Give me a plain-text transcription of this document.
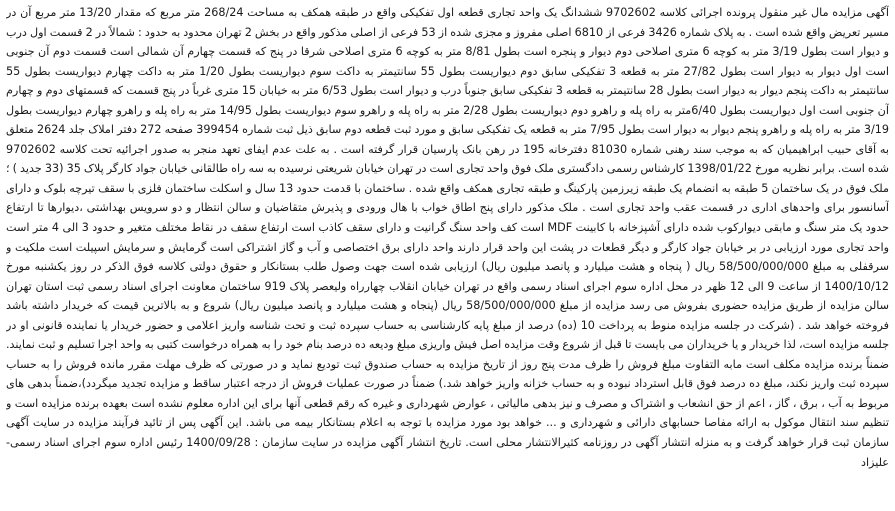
آگهی مزایده مال غیر منقول پرونده اجرائی کلاسه 9702602 ششدانگ یک واحد تجاری قطعه اول تفکیکی واقع در طبقه همکف به مساحت 268/24 متر مربع که مقدار 13/20 متر مربع آن در مسیر تعریض واقع شده است . به پلاک شماره 3426 فرعی از 6810 اصلی مفروز و مجزی شده از 53 فرعی از اصلی مذکور واقع در بخش 2 تهران محدود به حدود : شمالاً در 2 قسمت اول درب و دیوار است بطول 3/19 متر به کوچه 6 متری اصلاحی دوم دیوار و پنجره است بطول 8/81 متر به کوچه 6 متری اصلاحی شرقا در پنج که قسمت چهارم آن شمالی است قسمت دوم آن جنوبی است اول دیوار به دیوار است بطول 27/82 متر به قطعه 3 تفکیکی سابق دوم دیواریست بطول 55 سانتیمتر به داکت سوم دیواریست بطول 1/20 متر به داکت چهارم دیواریست بطول 55 سانتیمتر به داکت پنجم دیوار به دیوار است بطول 28 سانتیمتر به قطعه 3 تفکیکی سابق جنوباً درب و دیوار است بطول 6/53 متر به خیابان 15 متری غرباً در پنج قسمت که قسمتهای دوم و چهارم آن جنوبی است اول دیواریست بطول 6/40متر به راه پله و راهرو دوم دیواریست بطول 2/28 متر به راه پله و راهرو سوم دیواریست بطول 14/95 متر به راه پله و راهرو چهارم دیواریست بطول 3/19 متر به راه پله و راهرو پنجم دیوار به دیوار است بطول 7/95 متر به قطعه یک تفکیکی سابق و مورد ثبت قطعه دوم سابق ذیل ثبت شماره 399454 صفحه 272 دفتر املاک جلد 2624 متعلق به آقای حبیب ابراهیمیان که به موجب سند رهنی شماره 81030 دفترخانه 195 در رهن بانک پارسیان قرار گرفته است . به علت عدم ایفای تعهد منجر به صدور اجرائیه تحت کلاسه 9702602 شده است. برابر نظریه مورخ 1398/01/22 کارشناس رسمی دادگستری ملک فوق واحد تجاری است در تهران خیابان شریعتی نرسیده به سه راه طالقانی خیابان جواد کارگر پلاک 35 (33 جدید ) ؛ ملک فوق در یک ساختمان 5 طبقه به انضمام یک طبقه زیرزمین پارکینگ و طبقه تجاری همکف واقع شده . ساختمان با قدمت حدود 13 سال و اسکلت ساختمان فلزی با سقف تیرچه بلوک و دارای آسانسور برای واحدهای اداری در قسمت عقب واحد تجاری است . ملک مذکور دارای پنج اطاق خواب با هال ورودی و پذیرش متقاضیان و سالن انتظار و دو سرویس بهداشتی ،دیوارها تا ارتفاع حدود یک متر سنگ و مابقی دیوارکوب شده دارای آشپزخانه با کابینت MDF است کف واحد سنگ گرانیت و دارای سقف کاذب است ارتفاع سقف در نقاط مختلف متغیر و حدود 3 الی 4 متر است واحد تجاری مورد ارزیابی در بر خیابان جواد کارگر و دیگر قطعات در پشت این واحد قرار دارند واحد دارای برق اختصاصی و آب و گاز اشتراکی است گرمایش و سرمایش اسپیلت است ملکیت و سرقفلی به مبلغ 58/500/000/000 ریال ( پنجاه و هشت میلیارد و پانصد میلیون ریال) ارزیابی شده است جهت وصول طلب بستانکار و حقوق دولتی کلاسه فوق الذکر در روز یکشنبه مورخ 1400/10/12 از ساعت 9 الی 12 ظهر در محل اداره سوم اجرای اسناد رسمی واقع در تهران خیابان انقلاب چهارراه ولیعصر پلاک 919 ساختمان معاونت اجرای اسناد رسمی ثبت استان تهران سالن مزایده از طریق مزایده حضوری بفروش می رسد مزایده از مبلغ 58/500/000/000 ریال (پنجاه و هشت میلیارد و پانصد میلیون ریال) شروع و به بالاترین قیمت که خریدار داشته باشد فروخته خواهد شد . (شرکت در جلسه مزایده منوط به پرداخت 10 (ده) درصد از مبلغ پایه کارشناسی به حساب سپرده ثبت و تحت شناسه واریز اعلامی و حضور خریدار یا نماینده قانونی او در جلسه مزایده است، لذا خریدار و یا خریداران می بایست تا قبل از شروع وقت مزایده اصل فیش واریزی مبلغ ودیعه ده درصد بنام خود را به همراه درخواست کتبی به واحد اجرا تسلیم و ثبت نمایند. ضمناً برنده مزایده مکلف است مابه التفاوت مبلغ فروش را ظرف مدت پنج روز از تاریخ مزایده به حساب صندوق ثبت تودیع نماید و در صورتی که ظرف مهلت مقرر مانده فروش را به حساب سپرده ثبت واریز نکند، مبلغ ده درصد فوق قابل استرداد نبوده و به حساب خزانه واریز خواهد شد.) ضمناً در صورت عملیات فروش از درجه اعتبار ساقط و مزایده تجدید میگردد)،ضمناً بدهی های مربوط به آب ، برق ، گاز ، اعم از حق انشعاب و اشتراک و مصرف و نیز بدهی مالیاتی ، عوارض شهرداری و غیره که رقم قطعی آنها برای این اداره معلوم نشده است بعهده برنده مزایده است و تنظیم سند انتقال موکول به ارائه مفاصا حسابهای دارائی و شهرداری و ... خواهد بود مورد مزایده با توجه به اعلام بستانکار بیمه می باشد. این آگهی پس از تائید فرآیند مزایده در سایت آگهی سازمان ثبت قرار خواهد گرفت و به منزله انتشار آگهی در روزنامه کثیرالانتشار محلی است. تاریخ انتشار آگهی مزایده در سایت سازمان : 1400/09/28 رئیس اداره سوم اجرای اسناد رسمی- علیزاد
